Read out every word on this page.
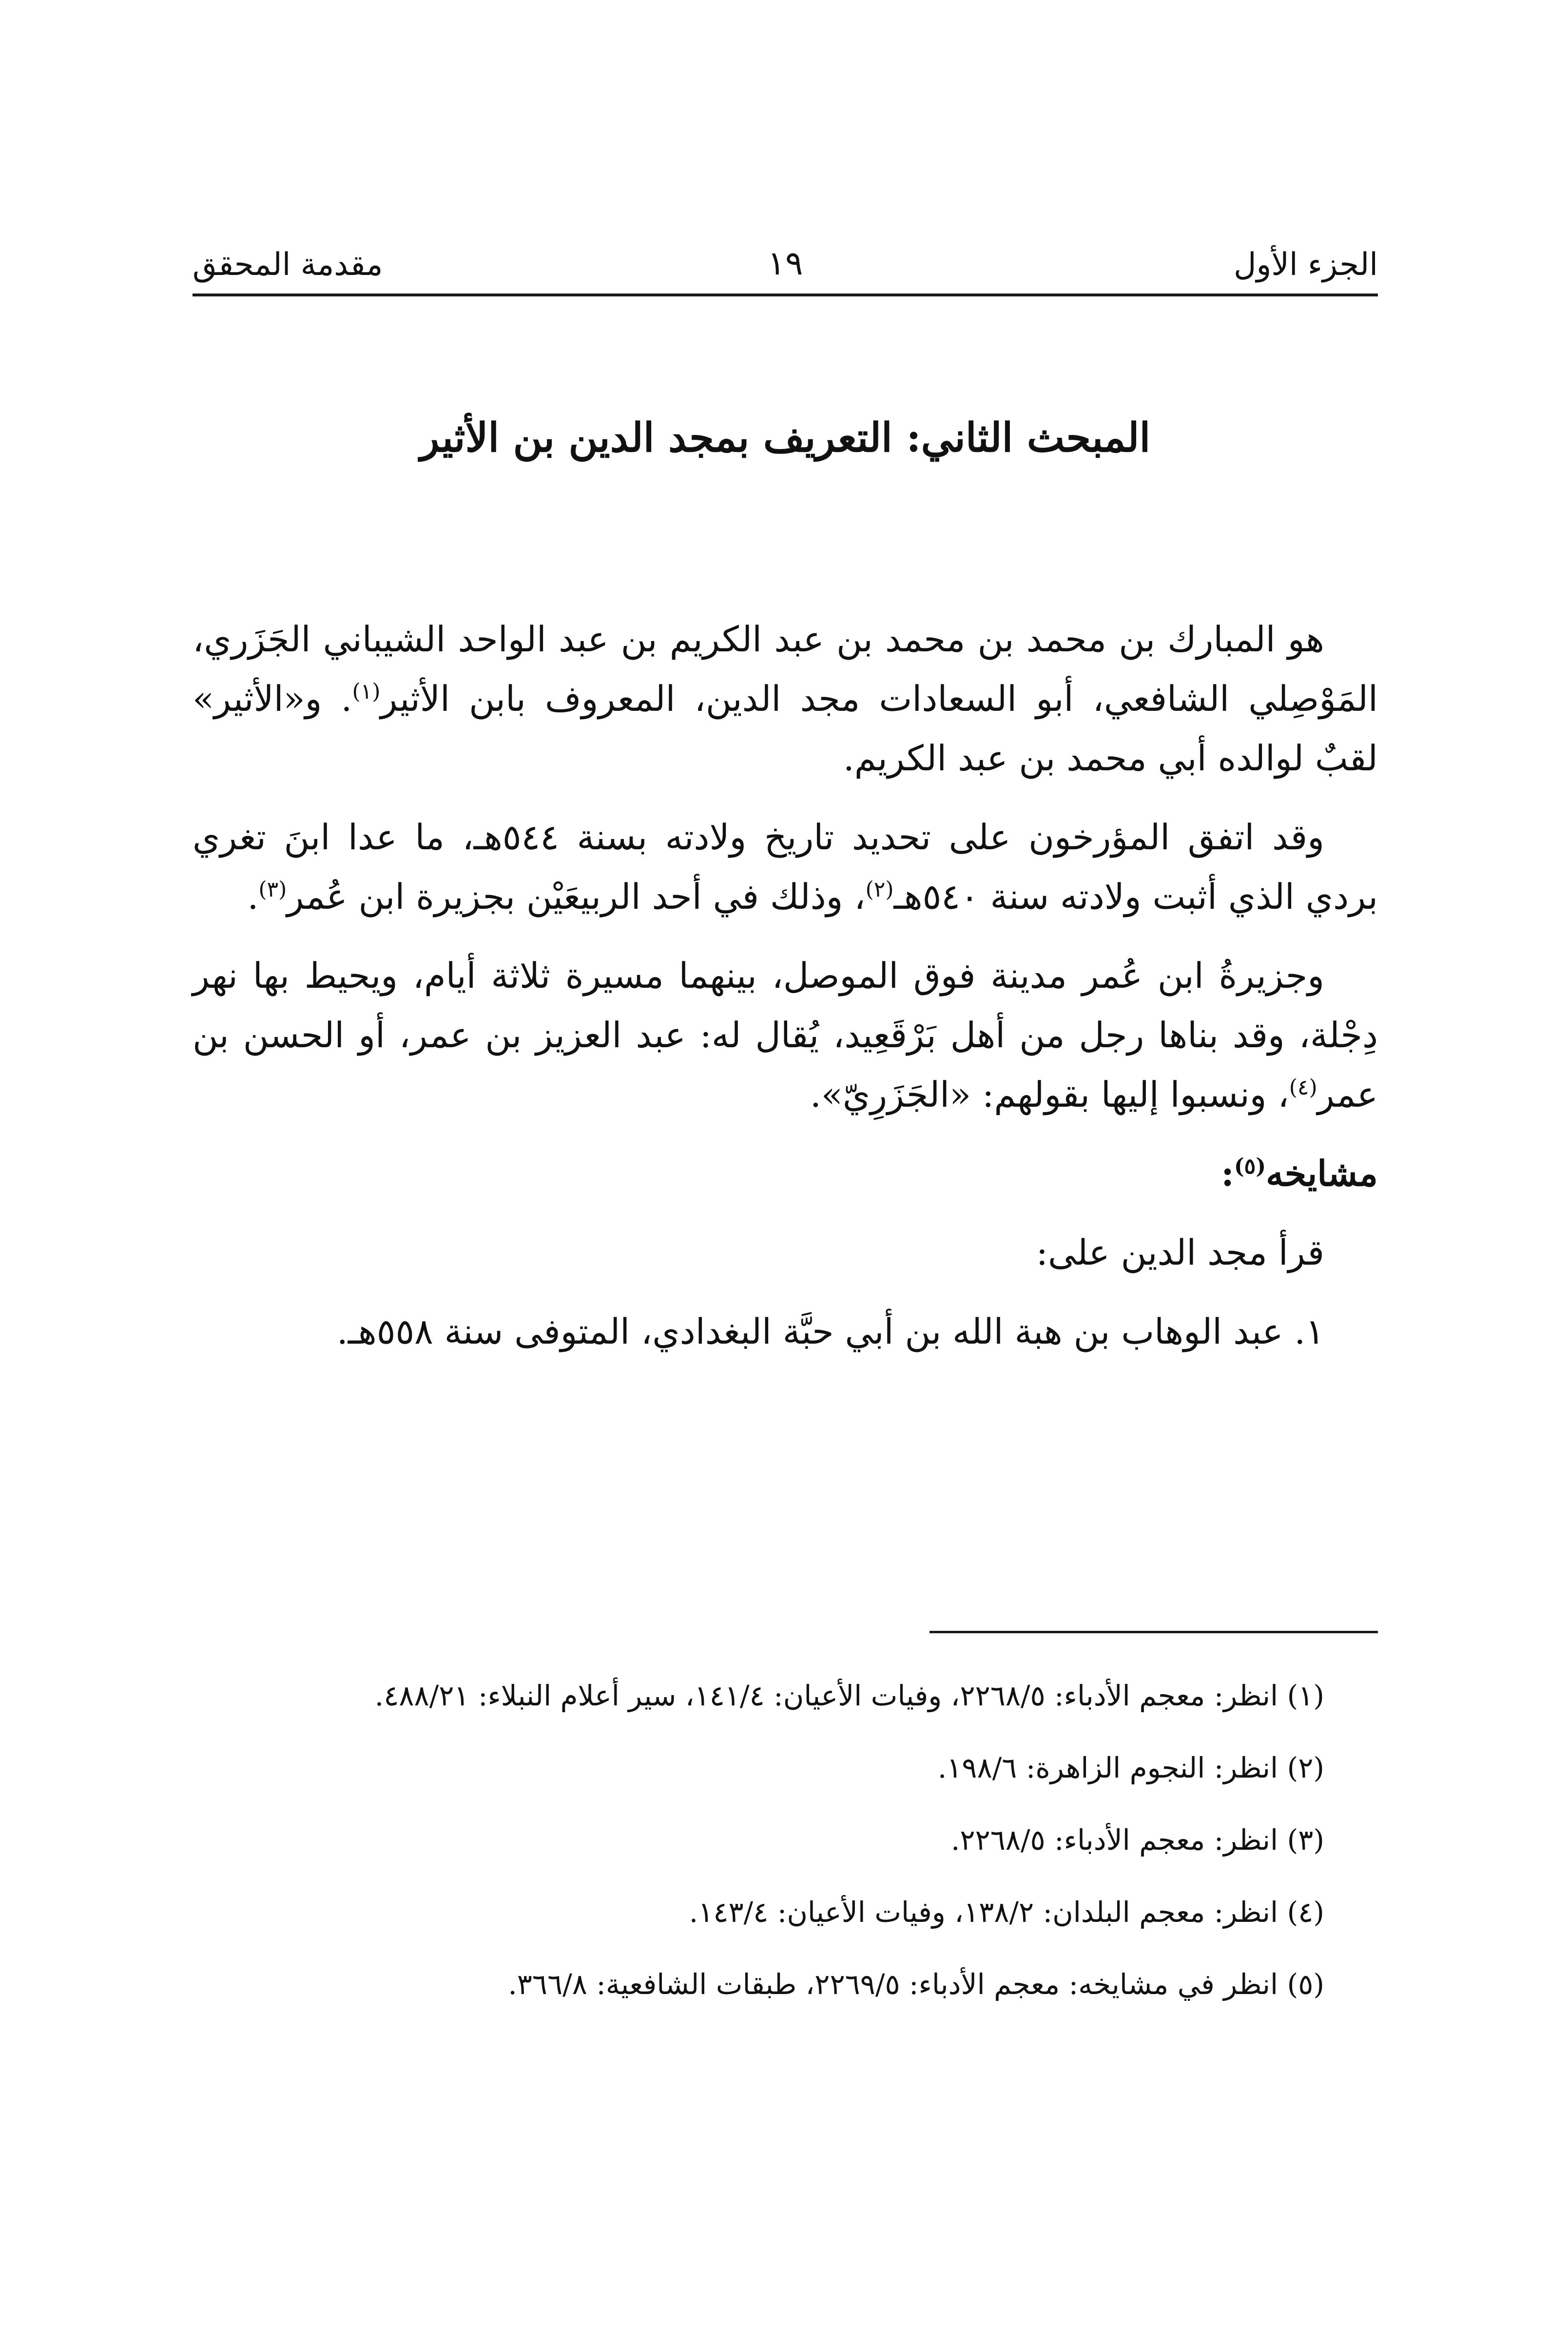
الجزء الأول
١٩
مقدمة المحقق
المبحث الثاني: التعريف بمجد الدين بن الأثير

هو المبارك بن محمد بن محمد بن عبد الكريم بن عبد الواحد الشيباني الجَزَري، المَوْصِلي الشافعي، أبو السعادات مجد الدين، المعروف بابن الأثير$^{(١)}$. و«الأثير» لقبٌ لوالده أبي محمد بن عبد الكريم.

وقد اتفق المؤرخون على تحديد تاريخ ولادته بسنة ٥٤٤هـ، ما عدا ابنَ تغري بردي الذي أثبت ولادته سنة ٥٤٠هـ$^{(٢)}$، وذلك في أحد الربيعَيْن بجزيرة ابن عُمر$^{(٣)}$.

وجزيرةُ ابن عُمر مدينة فوق الموصل، بينهما مسيرة ثلاثة أيام، ويحيط بها نهر دِجْلة، وقد بناها رجل من أهل بَرْقَعِيد، يُقال له: عبد العزيز بن عمر، أو الحسن بن عمر$^{(٤)}$، ونسبوا إليها بقولهم: «الجَزَرِيّ».

مشايخه$^{(٥)}$:

قرأ مجد الدين على:

١. عبد الوهاب بن هبة الله بن أبي حبَّة البغدادي، المتوفى سنة ٥٥٨هـ.

(١) انظر: معجم الأدباء: ٢٢٦٨/٥، وفيات الأعيان: ١٤١/٤، سير أعلام النبلاء: ٤٨٨/٢١.

(٢) انظر: النجوم الزاهرة: ١٩٨/٦.

(٣) انظر: معجم الأدباء: ٢٢٦٨/٥.

(٤) انظر: معجم البلدان: ١٣٨/٢، وفيات الأعيان: ١٤٣/٤.

(٥) انظر في مشايخه: معجم الأدباء: ٢٢٦٩/٥، طبقات الشافعية: ٣٦٦/٨.
